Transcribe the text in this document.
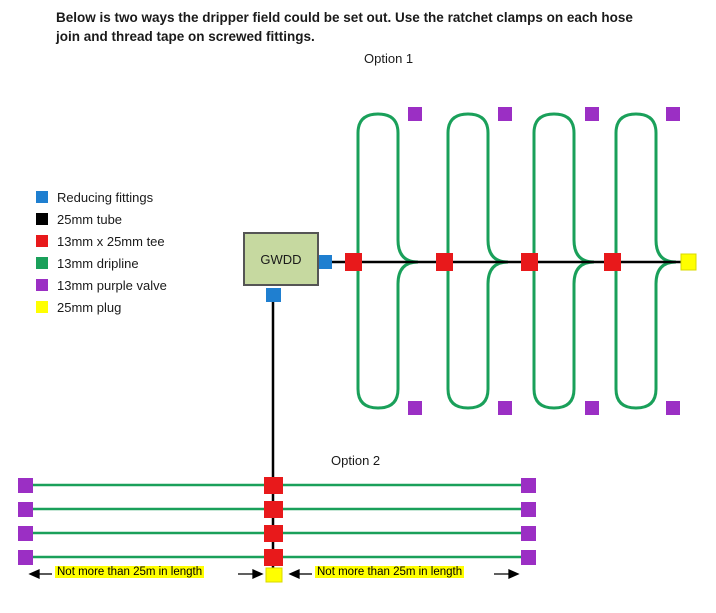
Below is two ways the dripper field could be set out. Use the ratchet clamps on each hose join and thread tape on screwed fittings.
Option 1
Option 2
Reducing fittings
25mm tube
13mm x 25mm tee
13mm dripline
13mm purple valve
25mm plug
GWDD
Not more than 25m in length	Not more than 25m in length
